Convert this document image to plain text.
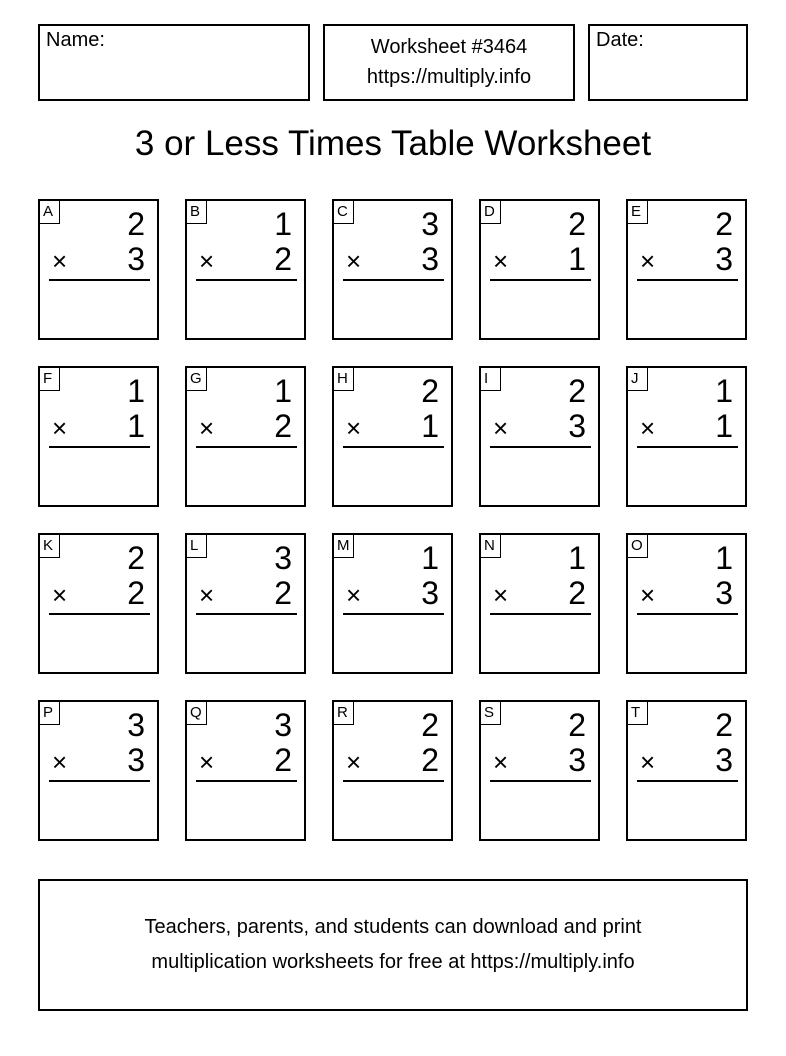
Name:	Worksheet #3464
https://multiply.info
Date:
3 or Less Times Table Worksheet
A 2
× 3
B 1
× 2
C 3
× 3
D 2
× 1
E 2
× 3
F 1
× 1
G 1
× 2
H 2
× 1
I	2
× 3
J 1
× 1
K 2
× 2
L 3
× 2
M 1
× 3
N 1
× 2
O 1
× 3
P 3
× 3
Q 3
× 2
R 2
× 2
S 2
× 3
T 2
× 3
Teachers, parents, and students can download and print
multiplication worksheets for free at https://multiply.info
